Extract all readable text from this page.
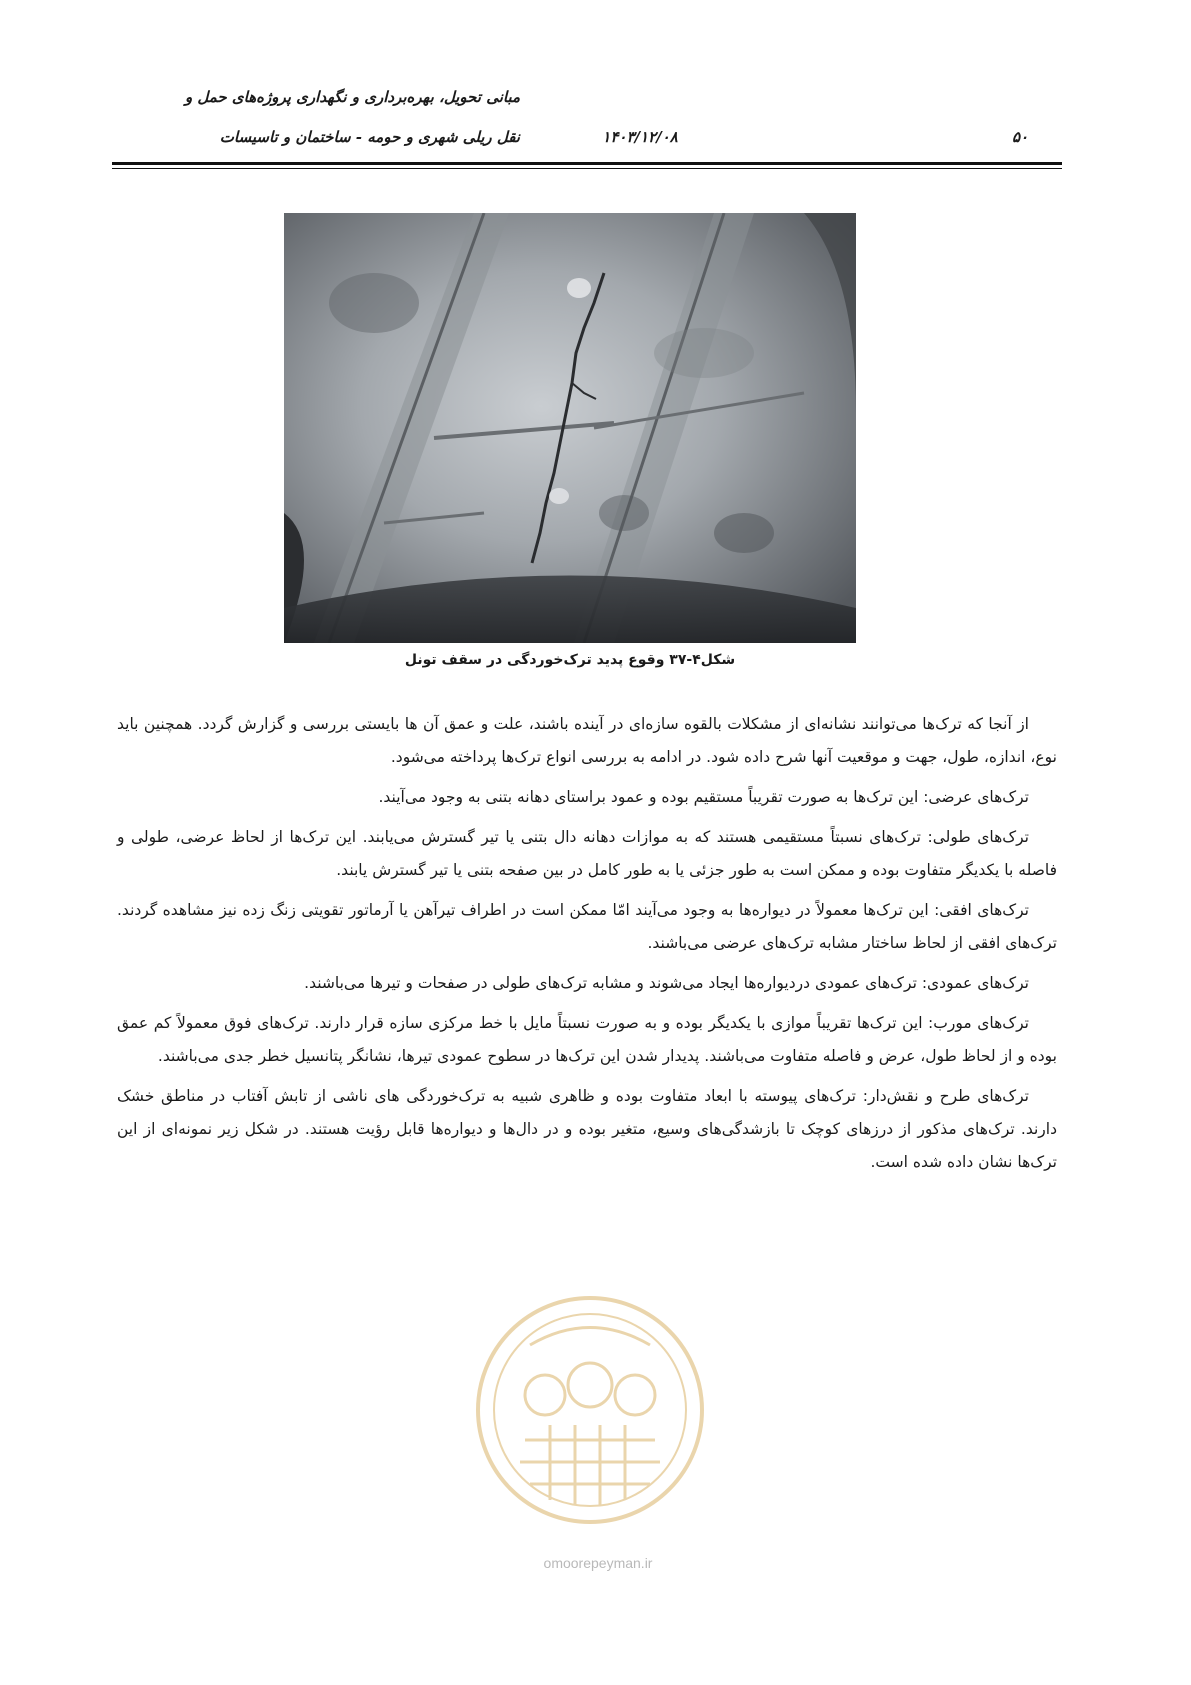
مبانی تحویل، بهره‌برداری و نگهداری پروژه‌های حمل و
نقل ریلی شهری و حومه - ساختمان و تاسیسات	۱۴۰۳/۱۲/۰۸	۵۰
شکل۴-۳۷ وقوع پدید ترک‌خوردگی در سقف تونل

از آنجا که ترک‌ها می‌توانند نشانه‌ای از مشکلات بالقوه سازه‌ای در آینده باشند، علت و عمق آن ها بایستی بررسی و گزارش گردد. همچنین باید نوع، اندازه، طول، جهت و موقعیت آنها شرح داده شود. در ادامه به بررسی انواع ترک‌ها پرداخته می‌شود.

ترک‌های عرضی: این ترک‌ها به صورت تقریباً مستقیم بوده و عمود براستای دهانه بتنی به وجود می‌آیند.

ترک‌های طولی: ترک‌های نسبتاً مستقیمی هستند که به موازات دهانه دال بتنی یا تیر گسترش می‌یابند. این ترک‌ها از لحاظ عرضی، طولی و فاصله با یکدیگر متفاوت بوده و ممکن است به طور جزئی یا به طور کامل در بین صفحه بتنی یا تیر گسترش یابند.

ترک‌های افقی: این ترک‌ها معمولاً در دیواره‌ها به وجود می‌آیند امّا ممکن است در اطراف تیرآهن یا آرماتور تقویتی زنگ زده نیز مشاهده گردند. ترک‌های افقی از لحاظ ساختار مشابه ترک‌های عرضی می‌باشند.

ترک‌های عمودی: ترک‌های عمودی دردیواره‌ها ایجاد می‌شوند و مشابه ترک‌های طولی در صفحات و تیرها می‌باشند.

ترک‌های مورب: این ترک‌ها تقریباً موازی با یکدیگر بوده و به صورت نسبتاً مایل با خط مرکزی سازه قرار دارند. ترک‌های فوق معمولاً کم عمق بوده و از لحاظ طول، عرض و فاصله متفاوت می‌باشند. پدیدار شدن این ترک‌ها در سطوح عمودی تیرها، نشانگر پتانسیل خطر جدی می‌باشند.

ترک‌های طرح و نقش‌دار: ترک‌های پیوسته با ابعاد متفاوت بوده و ظاهری شبیه به ترک‌خوردگی های ناشی از تابش آفتاب در مناطق خشک دارند. ترک‌های مذکور از درزهای کوچک تا بازشدگی‌های وسیع، متغیر بوده و در دال‌ها و دیواره‌ها قابل رؤیت هستند. در شکل زیر نمونه‌ای از این ترک‌ها نشان داده شده است.

omoorepeyman.ir
